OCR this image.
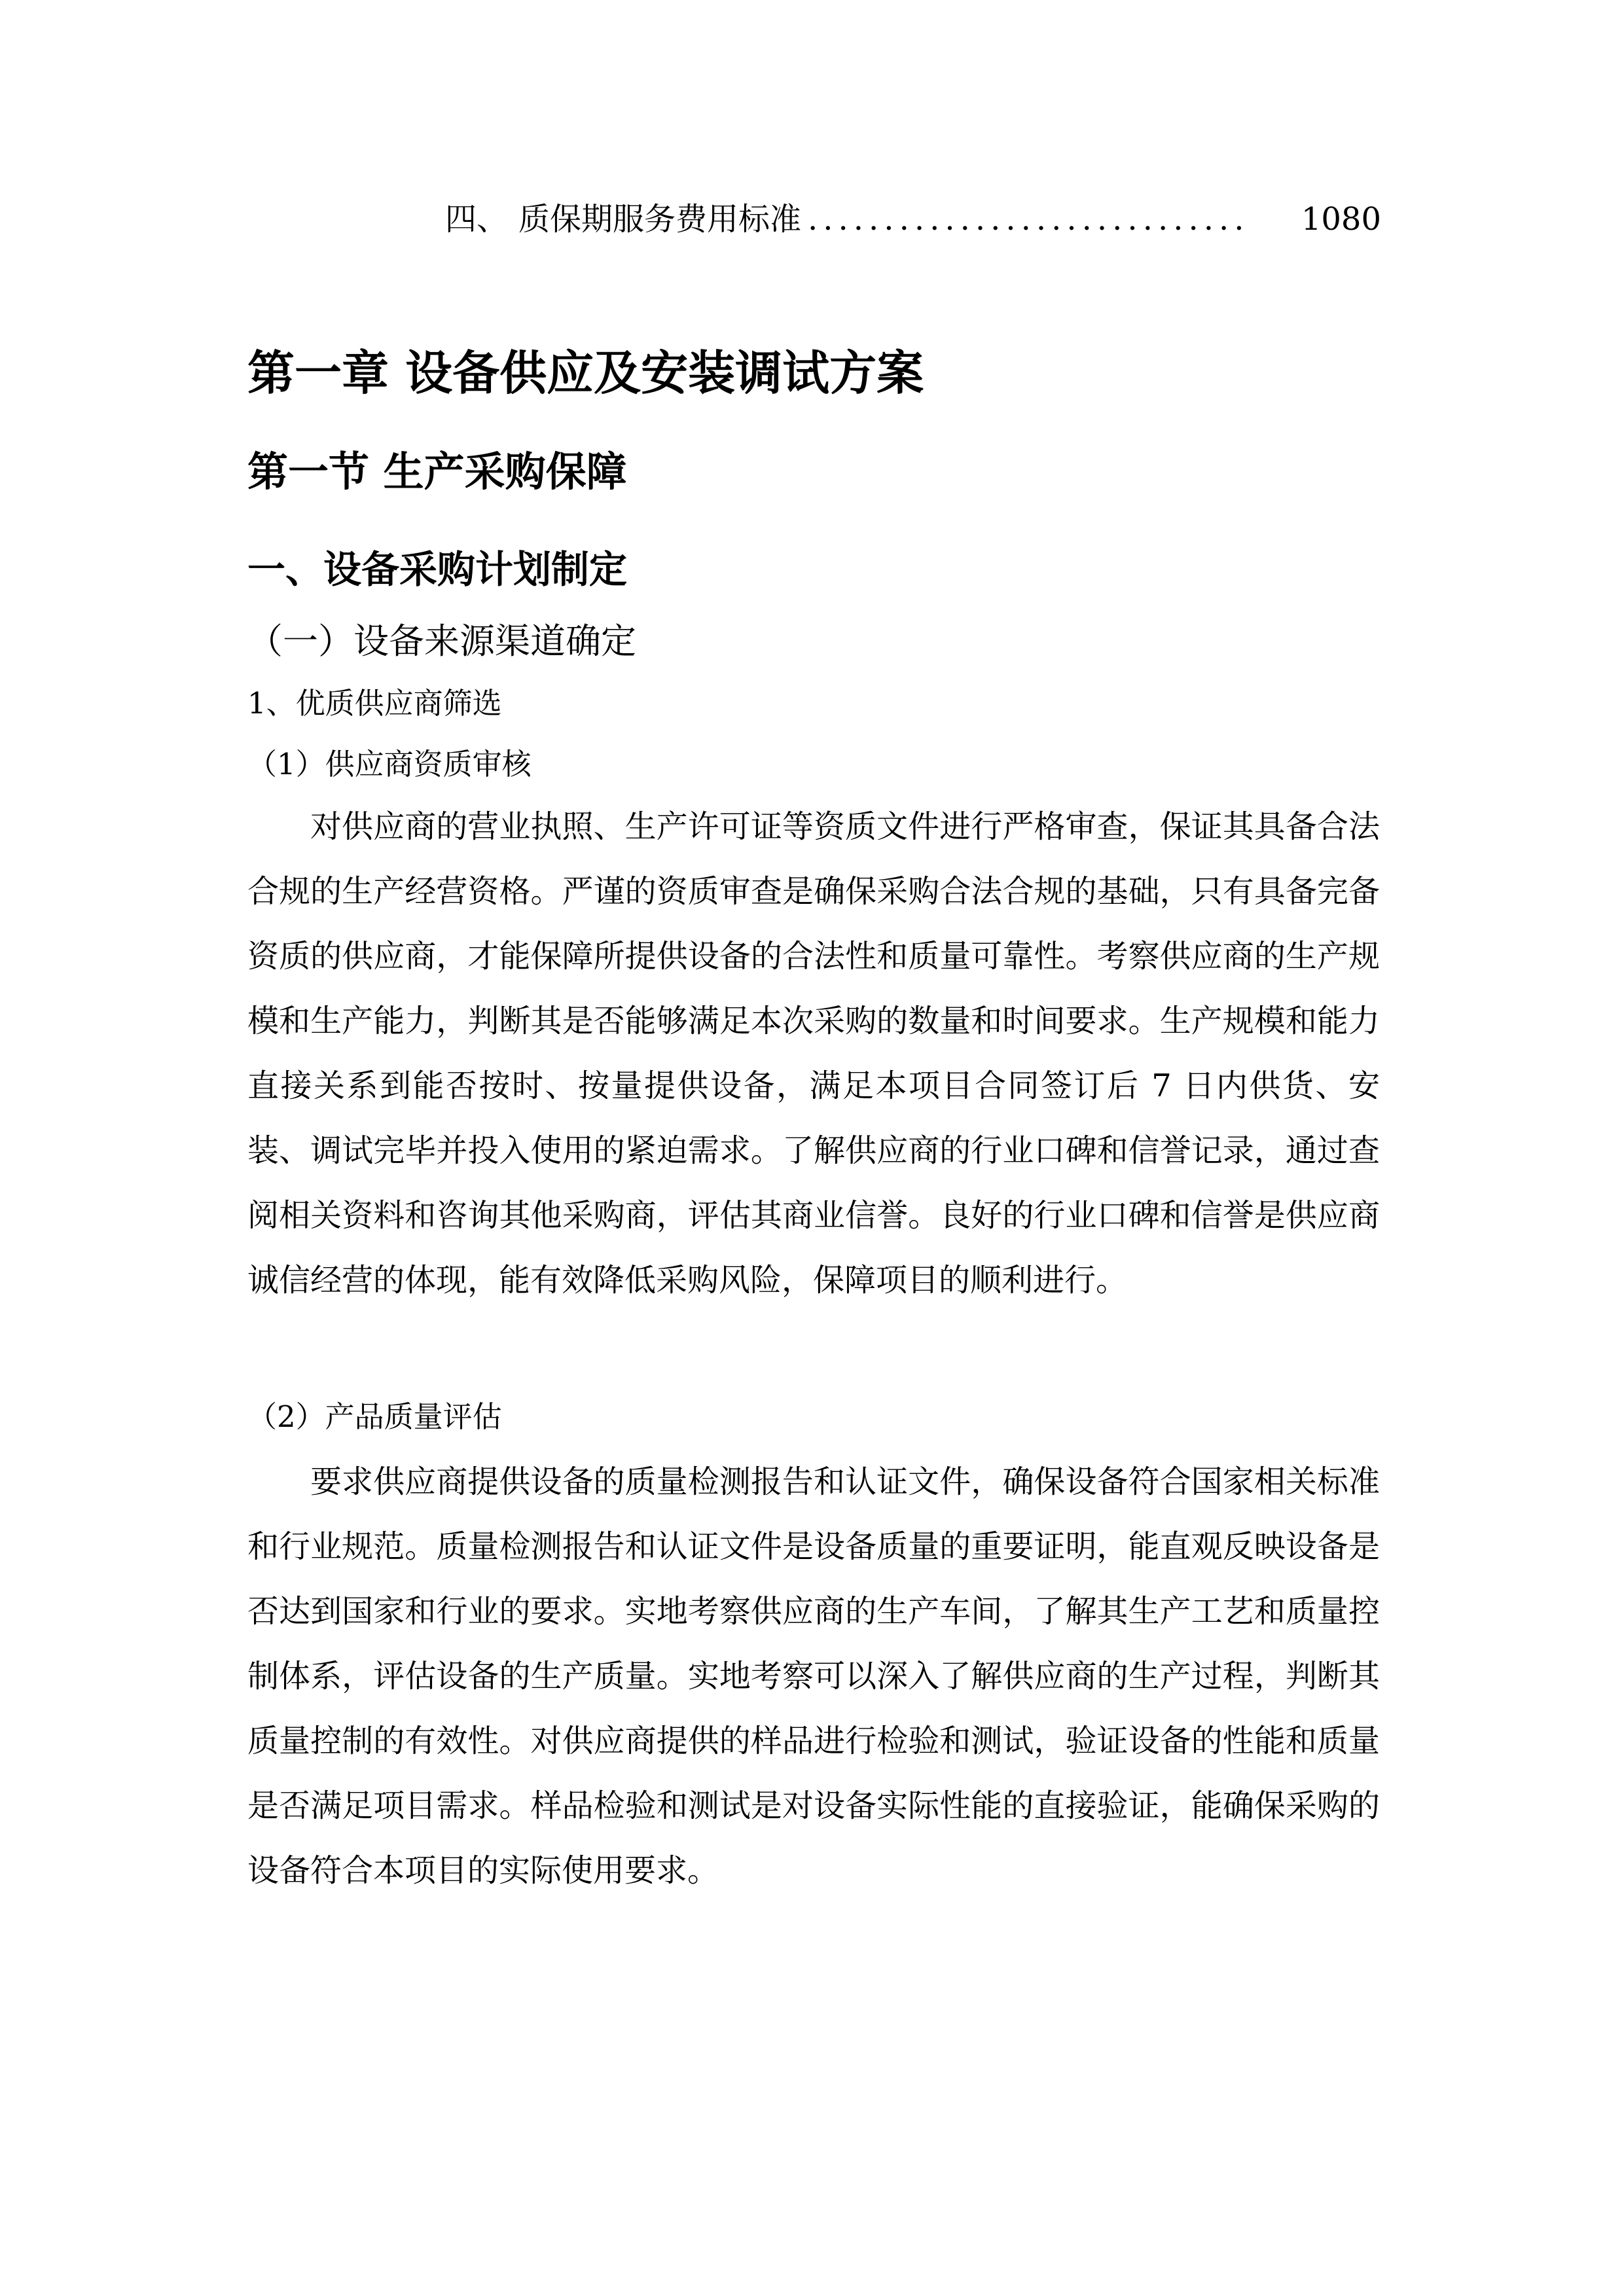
四、 质保期服务费用标准 .............................	1080
第一章 设备供应及安装调试方案
第一节 生产采购保障
一、设备采购计划制定
（一）设备来源渠道确定

1、优质供应商筛选

（1）供应商资质审核

对供应商的营业执照、生产许可证等资质文件进行严格审查，保证其具备合法合规的生产经营资格。严谨的资质审查是确保采购合法合规的基础，只有具备完备资质的供应商，才能保障所提供设备的合法性和质量可靠性。考察供应商的生产规模和生产能力，判断其是否能够满足本次采购的数量和时间要求。生产规模和能力直接关系到能否按时、按量提供设备，满足本项目合同签订后 7 日内供货、安装、调试完毕并投入使用的紧迫需求。了解供应商的行业口碑和信誉记录，通过查阅相关资料和咨询其他采购商，评估其商业信誉。良好的行业口碑和信誉是供应商诚信经营的体现，能有效降低采购风险，保障项目的顺利进行。

（2）产品质量评估

要求供应商提供设备的质量检测报告和认证文件，确保设备符合国家相关标准和行业规范。质量检测报告和认证文件是设备质量的重要证明，能直观反映设备是否达到国家和行业的要求。实地考察供应商的生产车间，了解其生产工艺和质量控制体系，评估设备的生产质量。实地考察可以深入了解供应商的生产过程，判断其质量控制的有效性。对供应商提供的样品进行检验和测试，验证设备的性能和质量是否满足项目需求。样品检验和测试是对设备实际性能的直接验证，能确保采购的设备符合本项目的实际使用要求。
